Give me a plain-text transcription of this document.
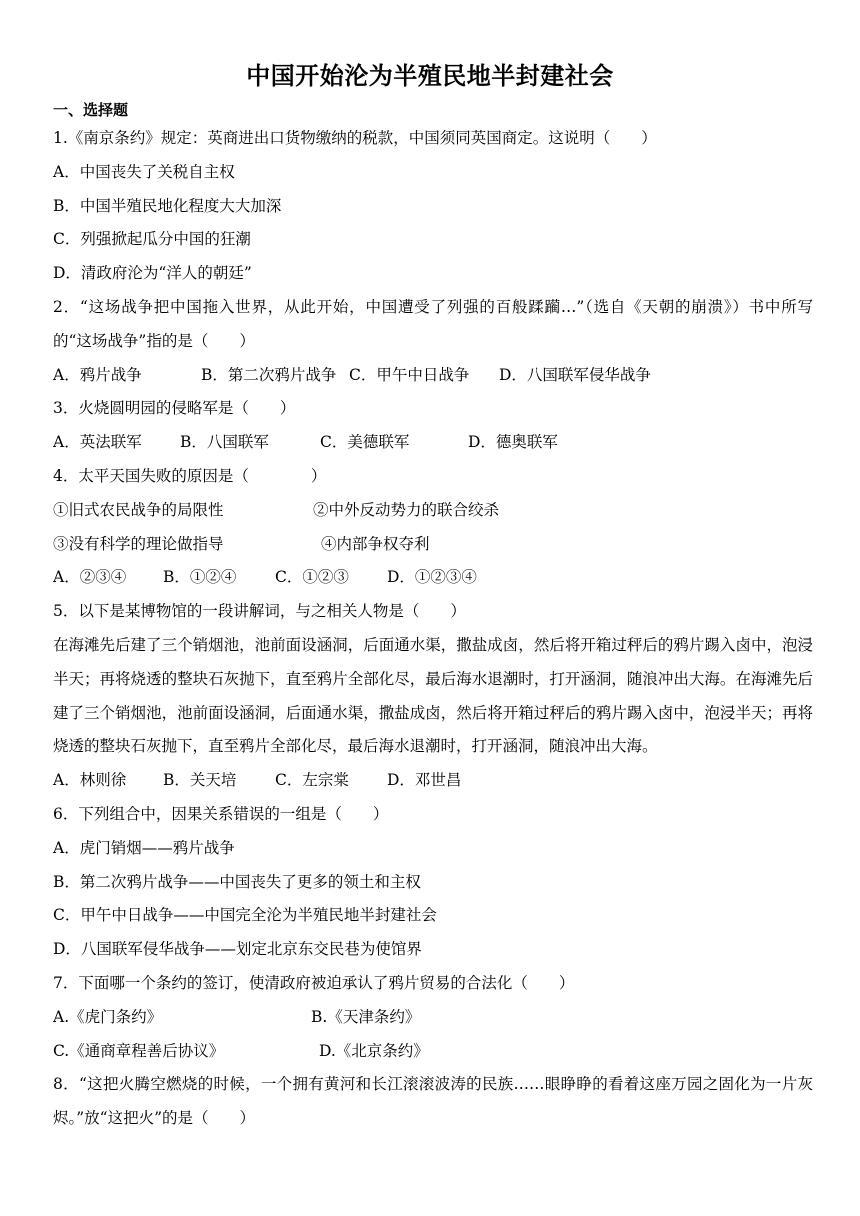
中国开始沦为半殖民地半封建社会
一、选择题
1.《南京条约》规定：英商进出口货物缴纳的税款，中国须同英国商定。这说明（　　）
A．中国丧失了关税自主权
B．中国半殖民地化程度大大加深
C．列强掀起瓜分中国的狂潮
D．清政府沦为“洋人的朝廷”
2．“这场战争把中国拖入世界，从此开始，中国遭受了列强的百般蹂躏…”（选自《天朝的崩溃》）书中所写的“这场战争”指的是（　　）
A．鸦片战争	B．第二次鸦片战争 C．甲午中日战争	D．八国联军侵华战争
3．火烧圆明园的侵略军是（　　）
A．英法联军	B．八国联军	C．美德联军	D．德奥联军
4．太平天国失败的原因是（　　　　）
①旧式农民战争的局限性	②中外反动势力的联合绞杀
③没有科学的理论做指导	④内部争权夺利
A．②③④	B．①②④	C．①②③	D．①②③④
5．以下是某博物馆的一段讲解词，与之相关人物是（　　）
在海滩先后建了三个销烟池，池前面设涵洞，后面通水渠，撒盐成卤，然后将开箱过秤后的鸦片踢入卤中，泡浸半天；再将烧透的整块石灰抛下，直至鸦片全部化尽，最后海水退潮时，打开涵洞，随浪冲出大海。在海滩先后建了三个销烟池，池前面设涵洞，后面通水渠，撒盐成卤，然后将开箱过秤后的鸦片踢入卤中，泡浸半天；再将烧透的整块石灰抛下，直至鸦片全部化尽，最后海水退潮时，打开涵洞，随浪冲出大海。
A．林则徐	B．关天培	C．左宗棠	D．邓世昌
6．下列组合中，因果关系错误的一组是（　　）
A．虎门销烟——鸦片战争
B．第二次鸦片战争——中国丧失了更多的领土和主权
C．甲午中日战争——中国完全沦为半殖民地半封建社会
D．八国联军侵华战争——划定北京东交民巷为使馆界
7．下面哪一个条约的签订，使清政府被迫承认了鸦片贸易的合法化（　　）
A.《虎门条约》	B.《天津条约》
C.《通商章程善后协议》	D.《北京条约》
8．“这把火腾空燃烧的时候，一个拥有黄河和长江滚滚波涛的民族……眼睁睁的看着这座万园之固化为一片灰烬。”放“这把火”的是（　　）
